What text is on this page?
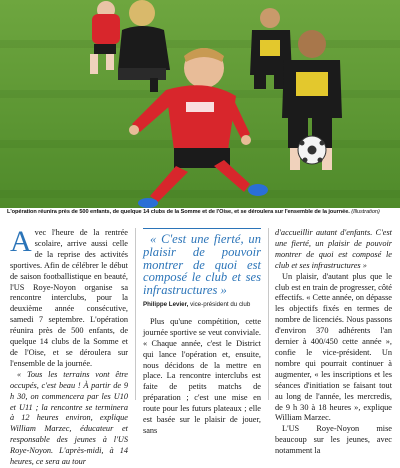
L'opération réunira près de 500 enfants, de quelque 14 clubs de la Somme et de l'Oise, et se déroulera sur l'ensemble de la journée. (Illustration)

Avec l'heure de la rentrée scolaire, arrive aussi celle de la reprise des activités sportives. Afin de célébrer le début de saison footballistique en beauté, l'US Roye-Noyon organise sa rencontre interclubs, pour la deuxième année consécutive, samedi 7 septembre. L'opération réunira près de 500 enfants, de quelque 14 clubs de la Somme et de l'Oise, et se déroulera sur l'ensemble de la journée.

« Tous les terrains vont être occupés, c'est beau ! À partir de 9 h 30, on commencera par les U10 et U11 ; la rencontre se terminera à 12 heures environ, explique William Marzec, éducateur et responsable des jeunes à l'US Roye-Noyon. L'après-midi, à 14 heures, ce sera au tour

« C'est une fierté, un plaisir de pouvoir montrer de quoi est composé le club et ses infrastructures »

Philippe Levier, vice-président du club

Plus qu'une compétition, cette journée sportive se veut conviviale. « Chaque année, c'est le District qui lance l'opération et, ensuite, nous décidons de la mettre en place. La rencontre interclubs est faite de petits matchs de préparation ; c'est une mise en route pour les futurs plateaux ; elle est basée sur le plaisir de jouer, sans

d'accueillir autant d'enfants. C'est une fierté, un plaisir de pouvoir montrer de quoi est composé le club et ses infrastructures »

Un plaisir, d'autant plus que le club est en train de progresser, côté effectifs. « Cette année, on dépasse les objectifs fixés en termes de nombre de licenciés. Nous passons d'environ 370 adhérents l'an dernier à 400/450 cette année », confie le vice-président. Un nombre qui pourrait continuer à augmenter, « les inscriptions et les séances d'initiation se faisant tout au long de l'année, les mercredis, de 9 h 30 à 18 heures », explique William Marzec.

L'US Roye-Noyon mise beaucoup sur les jeunes, avec notamment la
